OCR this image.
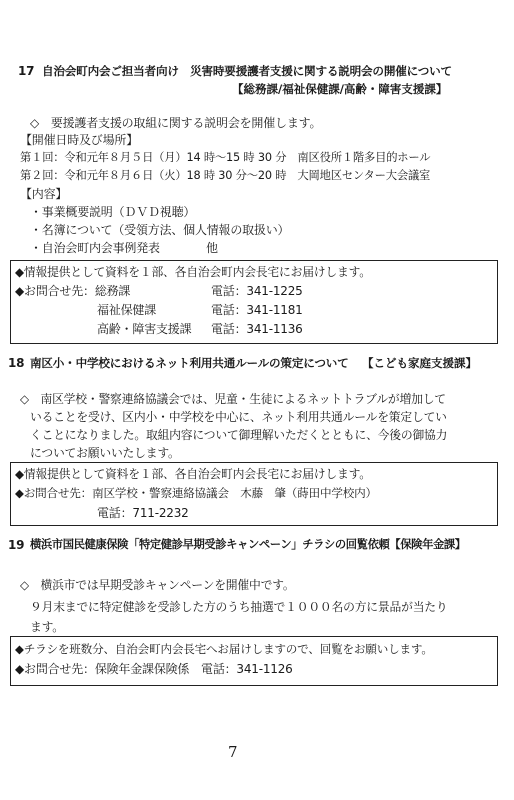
17 自治会町内会ご担当者向け　災害時要援護者支援に関する説明会の開催について
【総務課/福祉保健課/高齢・障害支援課】
◇　要援護者支援の取組に関する説明会を開催します。
【開催日時及び場所】
第１回：令和元年８月５日（月）14 時～15 時 30 分　南区役所１階多目的ホール
第２回：令和元年８月６日（火）18 時 30 分～20 時　大岡地区センター大会議室
【内容】
・事業概要説明（ＤＶＤ視聴）
・名簿について（受領方法、個人情報の取扱い）
・自治会町内会事例発表	他
◆情報提供として資料を１部、各自治会町内会長宅にお届けします。
◆お問合せ先：総務課	電話：341-1225
福祉保健課	電話：341-1181
高齢・障害支援課 電話：341-1136
18 南区小・中学校におけるネット利用共通ルールの策定について 【こども家庭支援課】
◇　南区学校・警察連絡協議会では、児童・生徒によるネットトラブルが増加して
いることを受け、区内小・中学校を中心に、ネット利用共通ルールを策定してい
くことになりました。取組内容について御理解いただくとともに、今後の御協力
についてお願いいたします。
◆情報提供として資料を１部、各自治会町内会長宅にお届けします。
◆お問合せ先：南区学校・警察連絡協議会　木藤　肇（蒔田中学校内）
電話：711-2232
19 横浜市国民健康保険「特定健診早期受診キャンペーン」チラシの回覧依頼【保険年金課】
◇　横浜市では早期受診キャンペーンを開催中です。
９月末までに特定健診を受診した方のうち抽選で１０００名の方に景品が当たり
ます。
◆チラシを班数分、自治会町内会長宅へお届けしますので、回覧をお願いします。
◆お問合せ先：保険年金課保険係　電話：341-1126
7
